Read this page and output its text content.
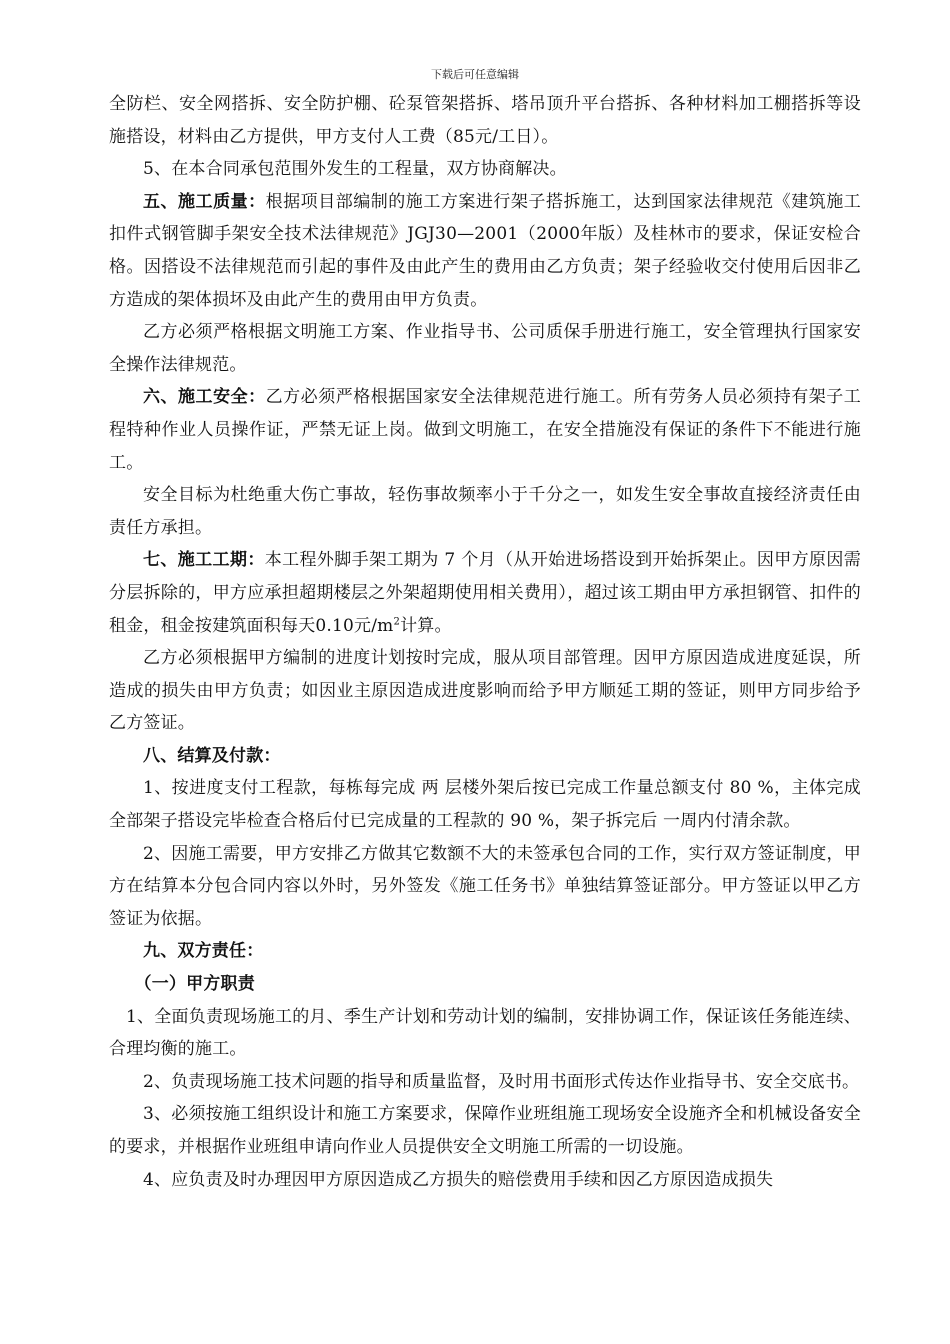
下载后可任意编辑

全防栏、安全网搭拆、安全防护棚、砼泵管架搭拆、塔吊顶升平台搭拆、各种材料加工棚搭拆等设施搭设，材料由乙方提供，甲方支付人工费（85元/工日）。

5、在本合同承包范围外发生的工程量，双方协商解决。

五、施工质量：根据项目部编制的施工方案进行架子搭拆施工，达到国家法律规范《建筑施工扣件式钢管脚手架安全技术法律规范》JGJ30—2001（2000年版）及桂林市的要求，保证安检合格。因搭设不法律规范而引起的事件及由此产生的费用由乙方负责；架子经验收交付使用后因非乙方造成的架体损坏及由此产生的费用由甲方负责。

乙方必须严格根据文明施工方案、作业指导书、公司质保手册进行施工，安全管理执行国家安全操作法律规范。

六、施工安全：乙方必须严格根据国家安全法律规范进行施工。所有劳务人员必须持有架子工程特种作业人员操作证，严禁无证上岗。做到文明施工，在安全措施没有保证的条件下不能进行施工。

安全目标为杜绝重大伤亡事故，轻伤事故频率小于千分之一，如发生安全事故直接经济责任由责任方承担。

七、施工工期：本工程外脚手架工期为 7 个月（从开始进场搭设到开始拆架止。因甲方原因需分层拆除的，甲方应承担超期楼层之外架超期使用相关费用），超过该工期由甲方承担钢管、扣件的租金，租金按建筑面积每天0.10元$/m^2$计算。

乙方必须根据甲方编制的进度计划按时完成，服从项目部管理。因甲方原因造成进度延误，所造成的损失由甲方负责；如因业主原因造成进度影响而给予甲方顺延工期的签证，则甲方同步给予乙方签证。

八、结算及付款：

1、按进度支付工程款，每栋每完成 两 层楼外架后按已完成工作量总额支付 80 %，主体完成全部架子搭设完毕检查合格后付已完成量的工程款的 90 %，架子拆完后 一周内付清余款。

2、因施工需要，甲方安排乙方做其它数额不大的未签承包合同的工作，实行双方签证制度，甲方在结算本分包合同内容以外时，另外签发《施工任务书》单独结算签证部分。甲方签证以甲乙方签证为依据。

九、双方责任：

（一）甲方职责

1、全面负责现场施工的月、季生产计划和劳动计划的编制，安排协调工作，保证该任务能连续、合理均衡的施工。

2、负责现场施工技术问题的指导和质量监督，及时用书面形式传达作业指导书、安全交底书。

3、必须按施工组织设计和施工方案要求，保障作业班组施工现场安全设施齐全和机械设备安全的要求，并根据作业班组申请向作业人员提供安全文明施工所需的一切设施。

4、应负责及时办理因甲方原因造成乙方损失的赔偿费用手续和因乙方原因造成损失
